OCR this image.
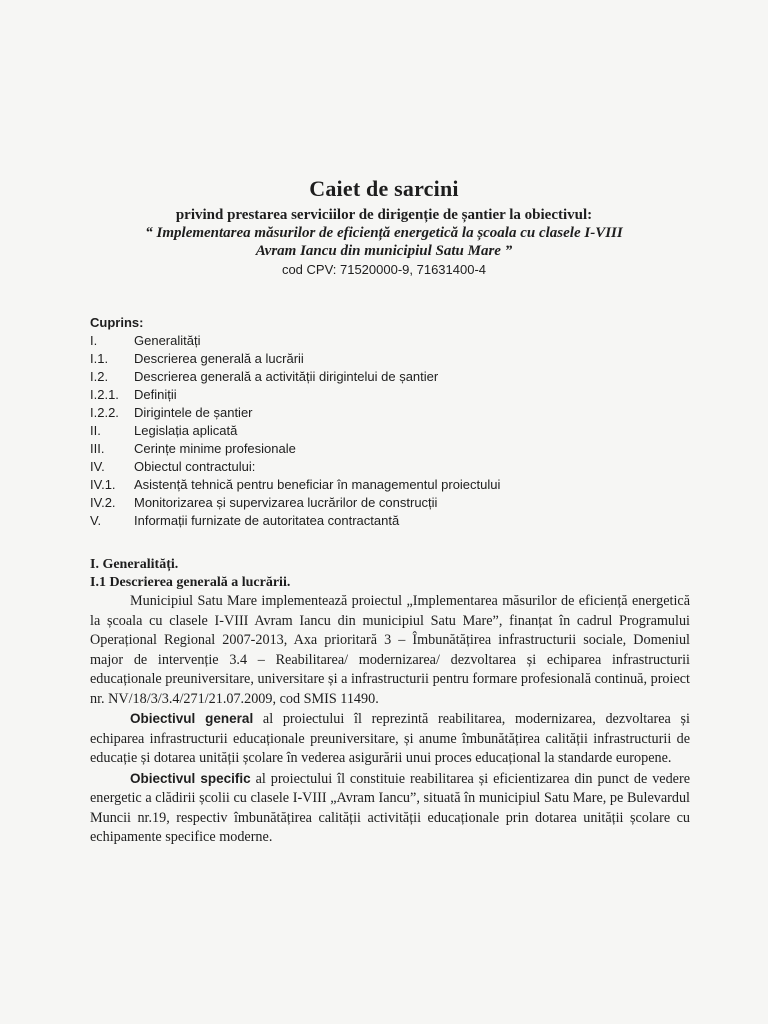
Caiet de sarcini
privind prestarea serviciilor de dirigenție de șantier la obiectivul:
“ Implementarea măsurilor de eficiență energetică la școala cu clasele I-VIII
Avram Iancu din municipiul Satu Mare ”
cod CPV: 71520000-9, 71631400-4
Cuprins:
I.	Generalități
I.1. Descrierea generală a lucrării
I.2. Descrierea generală a activității dirigintelui de șantier
I.2.1. Definiții
I.2.2. Dirigintele de șantier
II.	Legislația aplicată
III. Cerințe minime profesionale
IV. Obiectul contractului:
IV.1. Asistență tehnică pentru beneficiar în managementul proiectului
IV.2. Monitorizarea și supervizarea lucrărilor de construcții
V.	Informații furnizate de autoritatea contractantă
I. Generalități.
I.1 Descrierea generală a lucrării.

Municipiul Satu Mare implementează proiectul „Implementarea măsurilor de eficiență energetică la școala cu clasele I-VIII Avram Iancu din municipiul Satu Mare”, finanțat în cadrul Programului Operațional Regional 2007-2013, Axa prioritară 3 – Îmbunătățirea infrastructurii sociale, Domeniul major de intervenție 3.4 – Reabilitarea/ modernizarea/ dezvoltarea și echiparea infrastructurii educaționale preuniversitare, universitare și a infrastructurii pentru formare profesională continuă, proiect nr. NV/18/3/3.4/271/21.07.2009, cod SMIS 11490.

Obiectivul general al proiectului îl reprezintă reabilitarea, modernizarea, dezvoltarea și echiparea infrastructurii educaționale preuniversitare, și anume îmbunătățirea calității infrastructurii de educație și dotarea unității școlare în vederea asigurării unui proces educațional la standarde europene.

Obiectivul specific al proiectului îl constituie reabilitarea și eficientizarea din punct de vedere energetic a clădirii școlii cu clasele I-VIII „Avram Iancu”, situată în municipiul Satu Mare, pe Bulevardul Muncii nr.19, respectiv îmbunătățirea calității activității educaționale prin dotarea unității școlare cu echipamente specifice moderne.
